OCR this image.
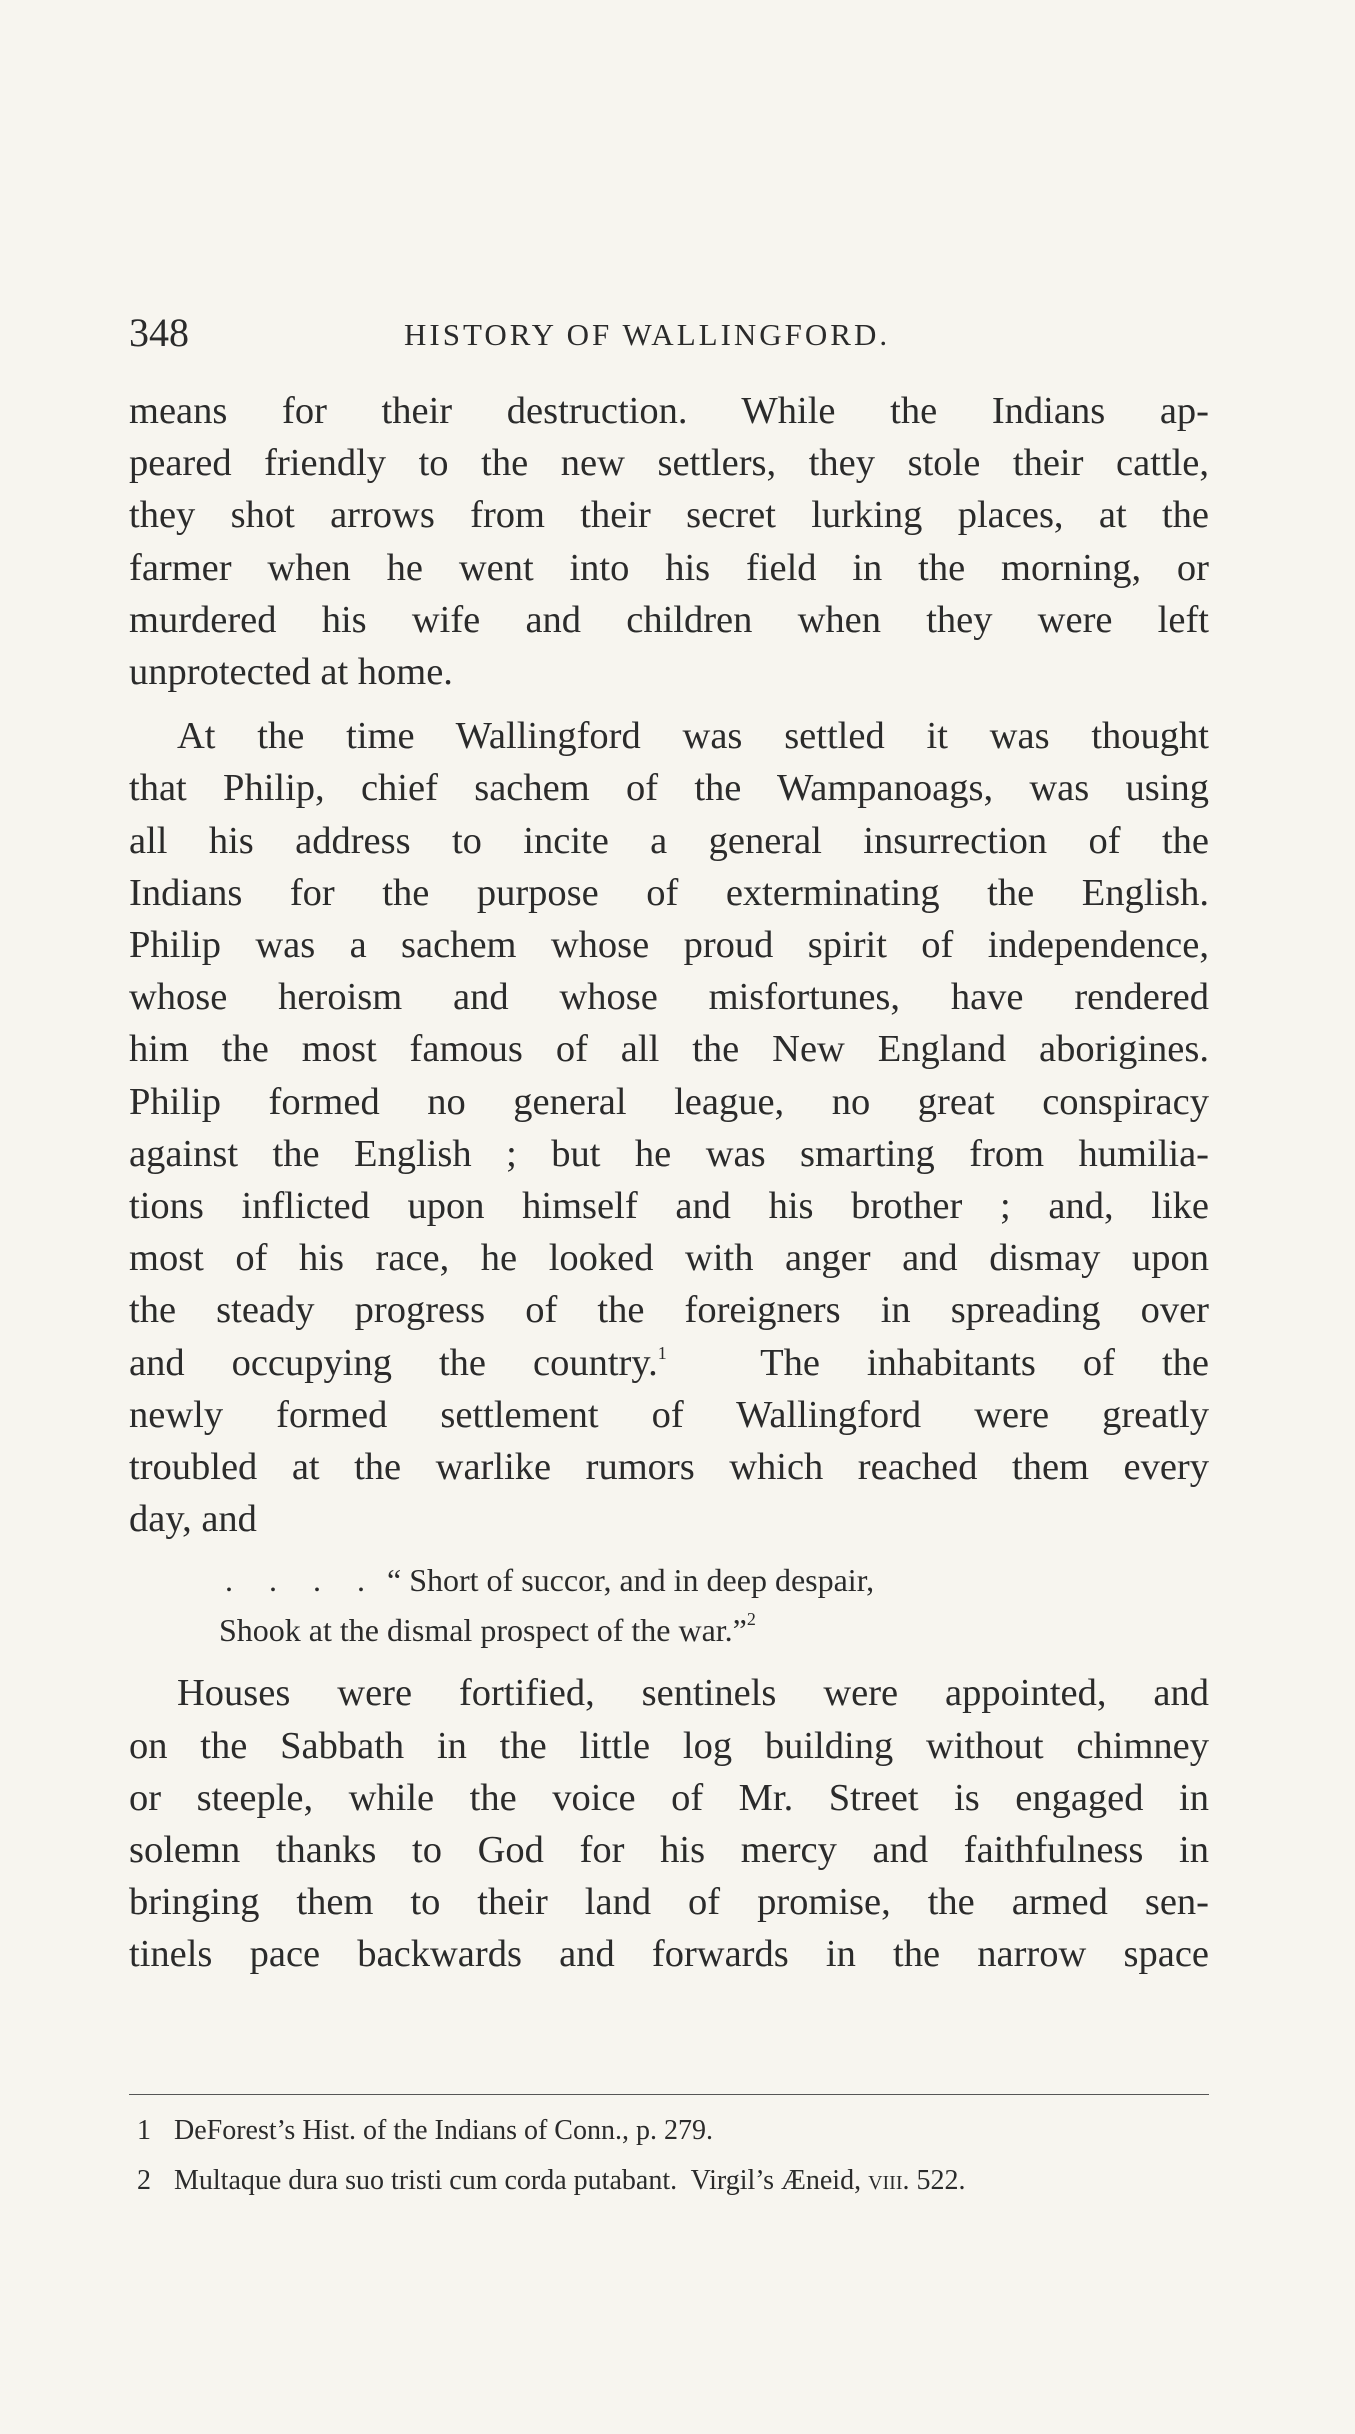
348	HISTORY OF WALLINGFORD.

means for their destruction. While the Indians ap-
peared friendly to the new settlers, they stole their cattle,
they shot arrows from their secret lurking places, at the
farmer when he went into his field in the morning, or
murdered his wife and children when they were left
unprotected at home.

At the time Wallingford was settled it was thought
that Philip, chief sachem of the Wampanoags, was using
all his address to incite a general insurrection of the
Indians for the purpose of exterminating the English.
Philip was a sachem whose proud spirit of independence,
whose heroism and whose misfortunes, have rendered
him the most famous of all the New England aborigines.
Philip formed no general league, no great conspiracy
against the English ; but he was smarting from humilia-
tions inflicted upon himself and his brother ; and, like
most of his race, he looked with anger and dismay upon
the steady progress of the foreigners in spreading over
and occupying the country.$^1$  The inhabitants of the
newly formed settlement of Wallingford were greatly
troubled at the warlike rumors which reached them every
day, and

. . . . “ Short of succor, and in deep despair,
Shook at the dismal prospect of the war.”$^2$

Houses were fortified, sentinels were appointed, and
on the Sabbath in the little log building without chimney
or steeple, while the voice of Mr. Street is engaged in
solemn thanks to God for his mercy and faithfulness in
bringing them to their land of promise, the armed sen-
tinels pace backwards and forwards in the narrow space

1 DeForest’s Hist. of the Indians of Conn., p. 279.
2 Multaque dura suo tristi cum corda putabant.  Virgil’s Æneid, viii. 522.
